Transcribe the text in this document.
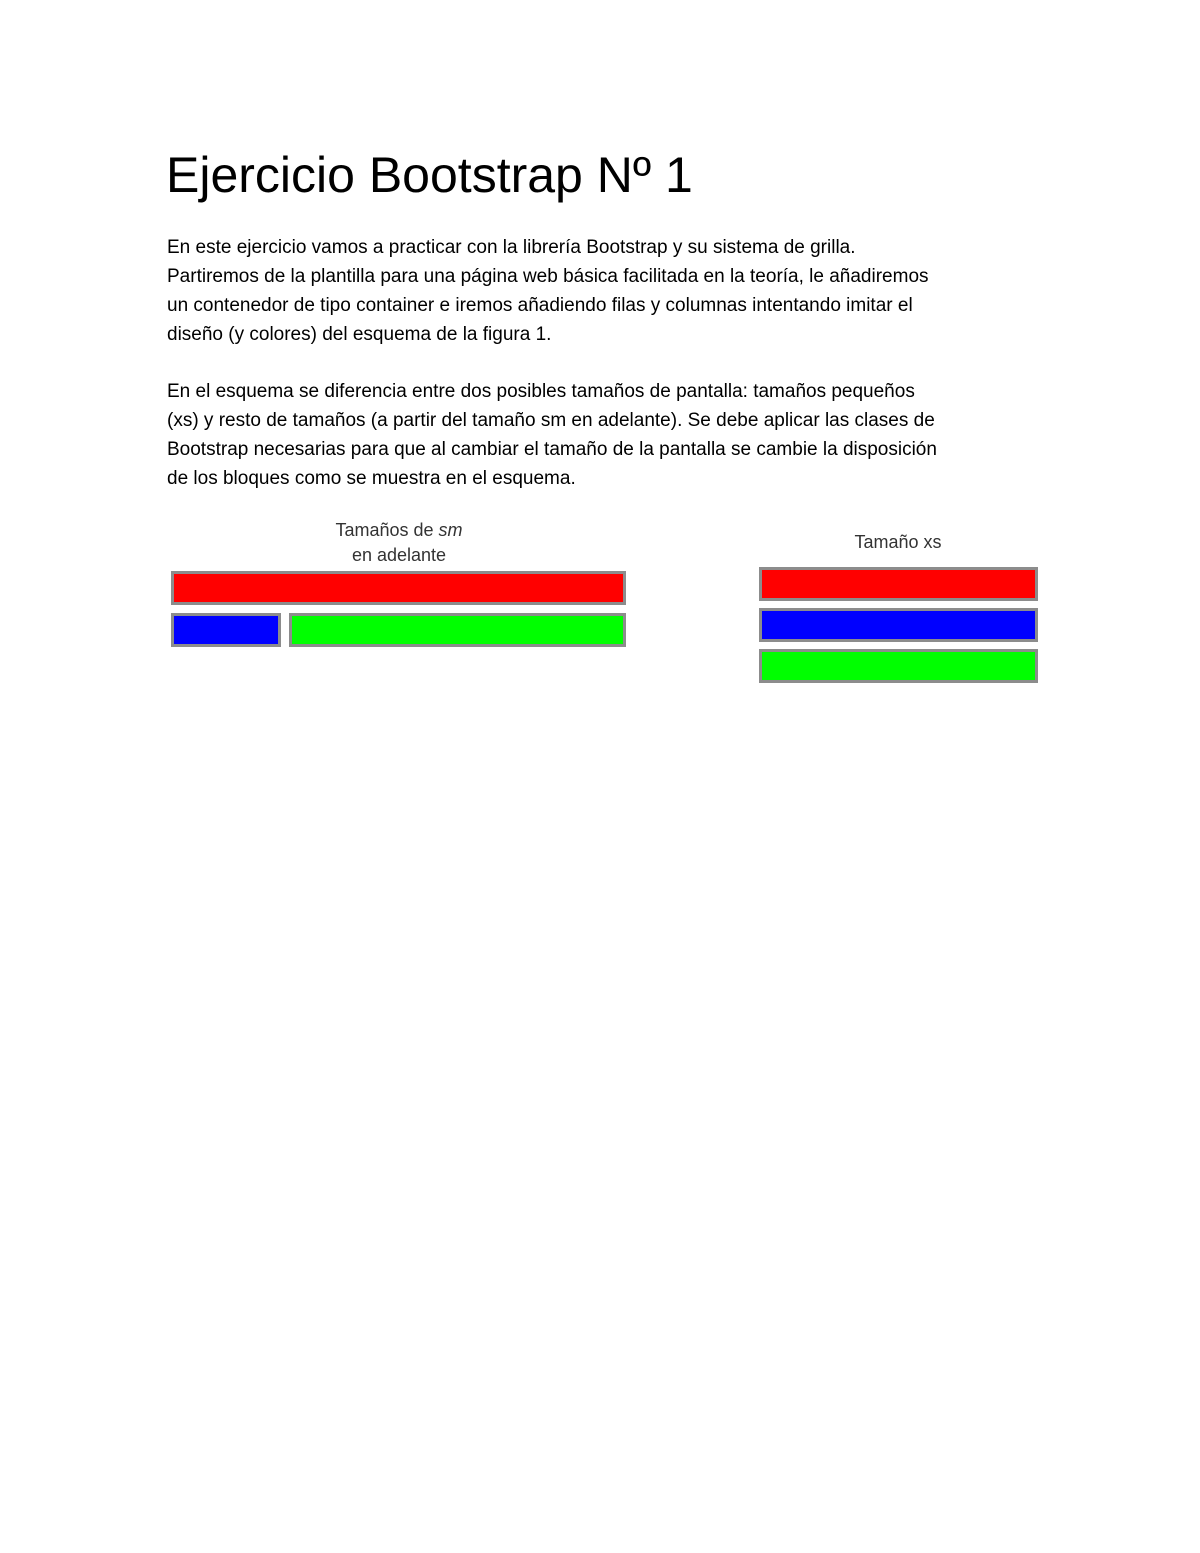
Ejercicio Bootstrap Nº 1

En este ejercicio vamos a practicar con la librería Bootstrap y su sistema de grilla.
Partiremos de la plantilla para una página web básica facilitada en la teoría, le añadiremos
un contenedor de tipo container e iremos añadiendo filas y columnas intentando imitar el
diseño (y colores) del esquema de la figura 1.

En el esquema se diferencia entre dos posibles tamaños de pantalla: tamaños pequeños
(xs) y resto de tamaños (a partir del tamaño sm en adelante). Se debe aplicar las clases de
Bootstrap necesarias para que al cambiar el tamaño de la pantalla se cambie la disposición
de los bloques como se muestra en el esquema.

Tamaños de sm
en adelante
Tamaño xs
